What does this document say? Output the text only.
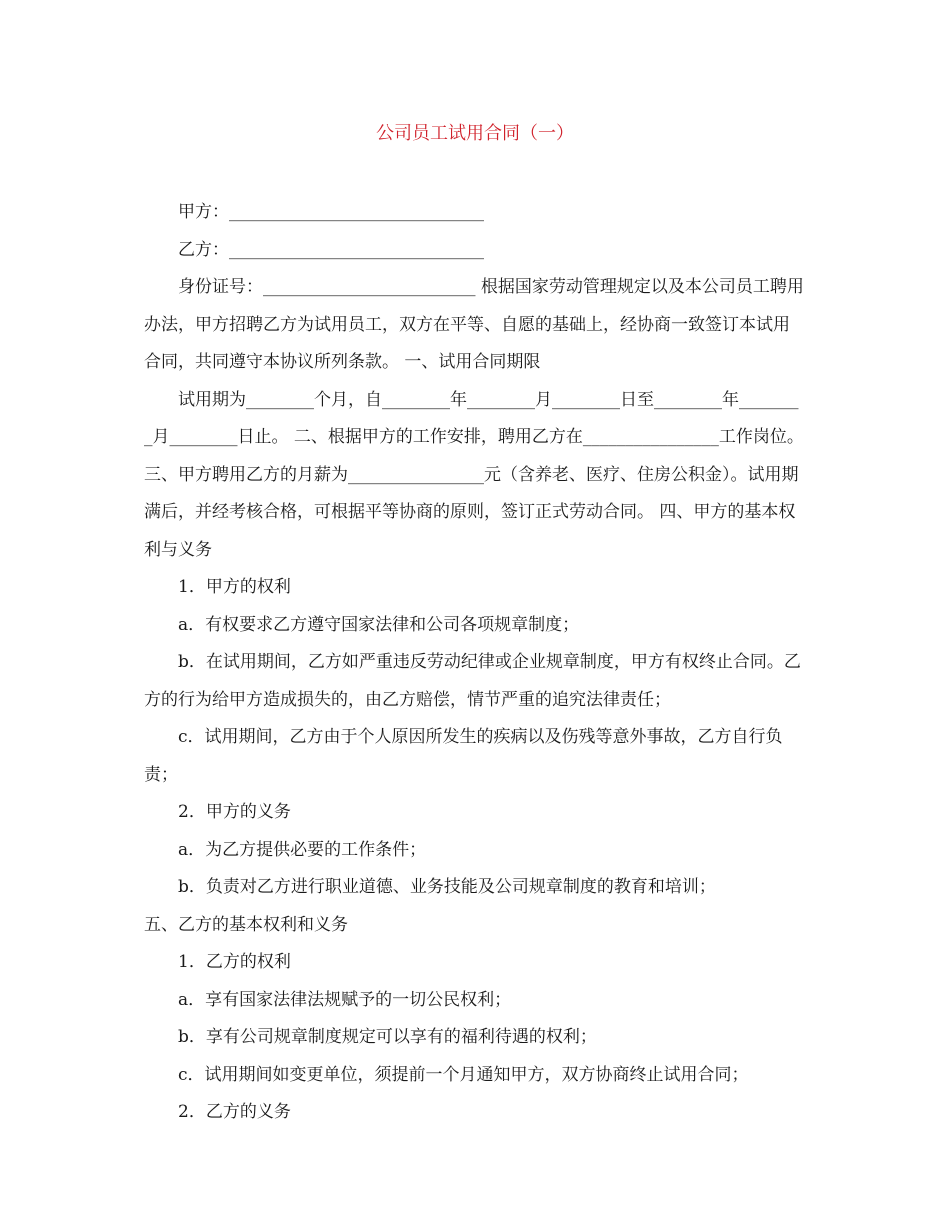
公司员工试用合同（一）

甲方：______________________________

乙方：______________________________

身份证号：_________________________ 根据国家劳动管理规定以及本公司员工聘用办法，甲方招聘乙方为试用员工，双方在平等、自愿的基础上，经协商一致签订本试用合同，共同遵守本协议所列条款。 一、试用合同期限

试用期为________个月，自________年________月________日至________年________月________日止。 二、根据甲方的工作安排，聘用乙方在________________工作岗位。 三、甲方聘用乙方的月薪为________________元（含养老、医疗、住房公积金）。试用期满后，并经考核合格，可根据平等协商的原则，签订正式劳动合同。 四、甲方的基本权利与义务

1．甲方的权利

a．有权要求乙方遵守国家法律和公司各项规章制度；

b．在试用期间，乙方如严重违反劳动纪律或企业规章制度，甲方有权终止合同。乙方的行为给甲方造成损失的，由乙方赔偿，情节严重的追究法律责任；

c．试用期间，乙方由于个人原因所发生的疾病以及伤残等意外事故，乙方自行负责；

2．甲方的义务

a．为乙方提供必要的工作条件；

b．负责对乙方进行职业道德、业务技能及公司规章制度的教育和培训；

五、乙方的基本权利和义务

1．乙方的权利

a．享有国家法律法规赋予的一切公民权利；

b．享有公司规章制度规定可以享有的福利待遇的权利；

c．试用期间如变更单位，须提前一个月通知甲方，双方协商终止试用合同；

2．乙方的义务
